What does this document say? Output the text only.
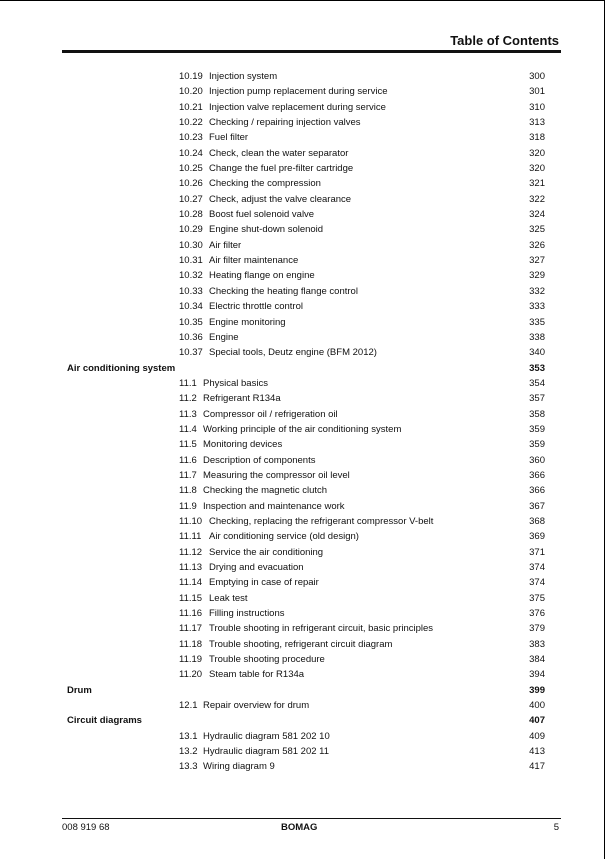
Table of Contents
10.19 Injection system	300
10.20 Injection pump replacement during service	301
10.21 Injection valve replacement during service	310
10.22 Checking / repairing injection valves	313
10.23 Fuel filter	318
10.24 Check, clean the water separator	320
10.25 Change the fuel pre-filter cartridge	320
10.26 Checking the compression	321
10.27 Check, adjust the valve clearance	322
10.28 Boost fuel solenoid valve	324
10.29 Engine shut-down solenoid	325
10.30 Air filter	326
10.31 Air filter maintenance	327
10.32 Heating flange on engine	329
10.33 Checking the heating flange control	332
10.34 Electric throttle control	333
10.35 Engine monitoring	335
10.36 Engine	338
10.37 Special tools, Deutz engine (BFM 2012)	340
Air conditioning system	353
11.1 Physical basics	354
11.2 Refrigerant R134a	357
11.3 Compressor oil / refrigeration oil	358
11.4 Working principle of the air conditioning system	359
11.5 Monitoring devices	359
11.6 Description of components	360
11.7 Measuring the compressor oil level	366
11.8 Checking the magnetic clutch	366
11.9 Inspection and maintenance work	367
11.10 Checking, replacing the refrigerant compressor V-belt	368
11.11 Air conditioning service (old design)	369
11.12 Service the air conditioning	371
11.13 Drying and evacuation	374
11.14 Emptying in case of repair	374
11.15 Leak test	375
11.16 Filling instructions	376
11.17 Trouble shooting in refrigerant circuit, basic principles	379
11.18 Trouble shooting, refrigerant circuit diagram	383
11.19 Trouble shooting procedure	384
11.20 Steam table for R134a	394
Drum	399
12.1 Repair overview for drum	400
Circuit diagrams	407
13.1 Hydraulic diagram 581 202 10	409
13.2 Hydraulic diagram 581 202 11	413
13.3 Wiring diagram 9	417
008 919 68	BOMAG	5
